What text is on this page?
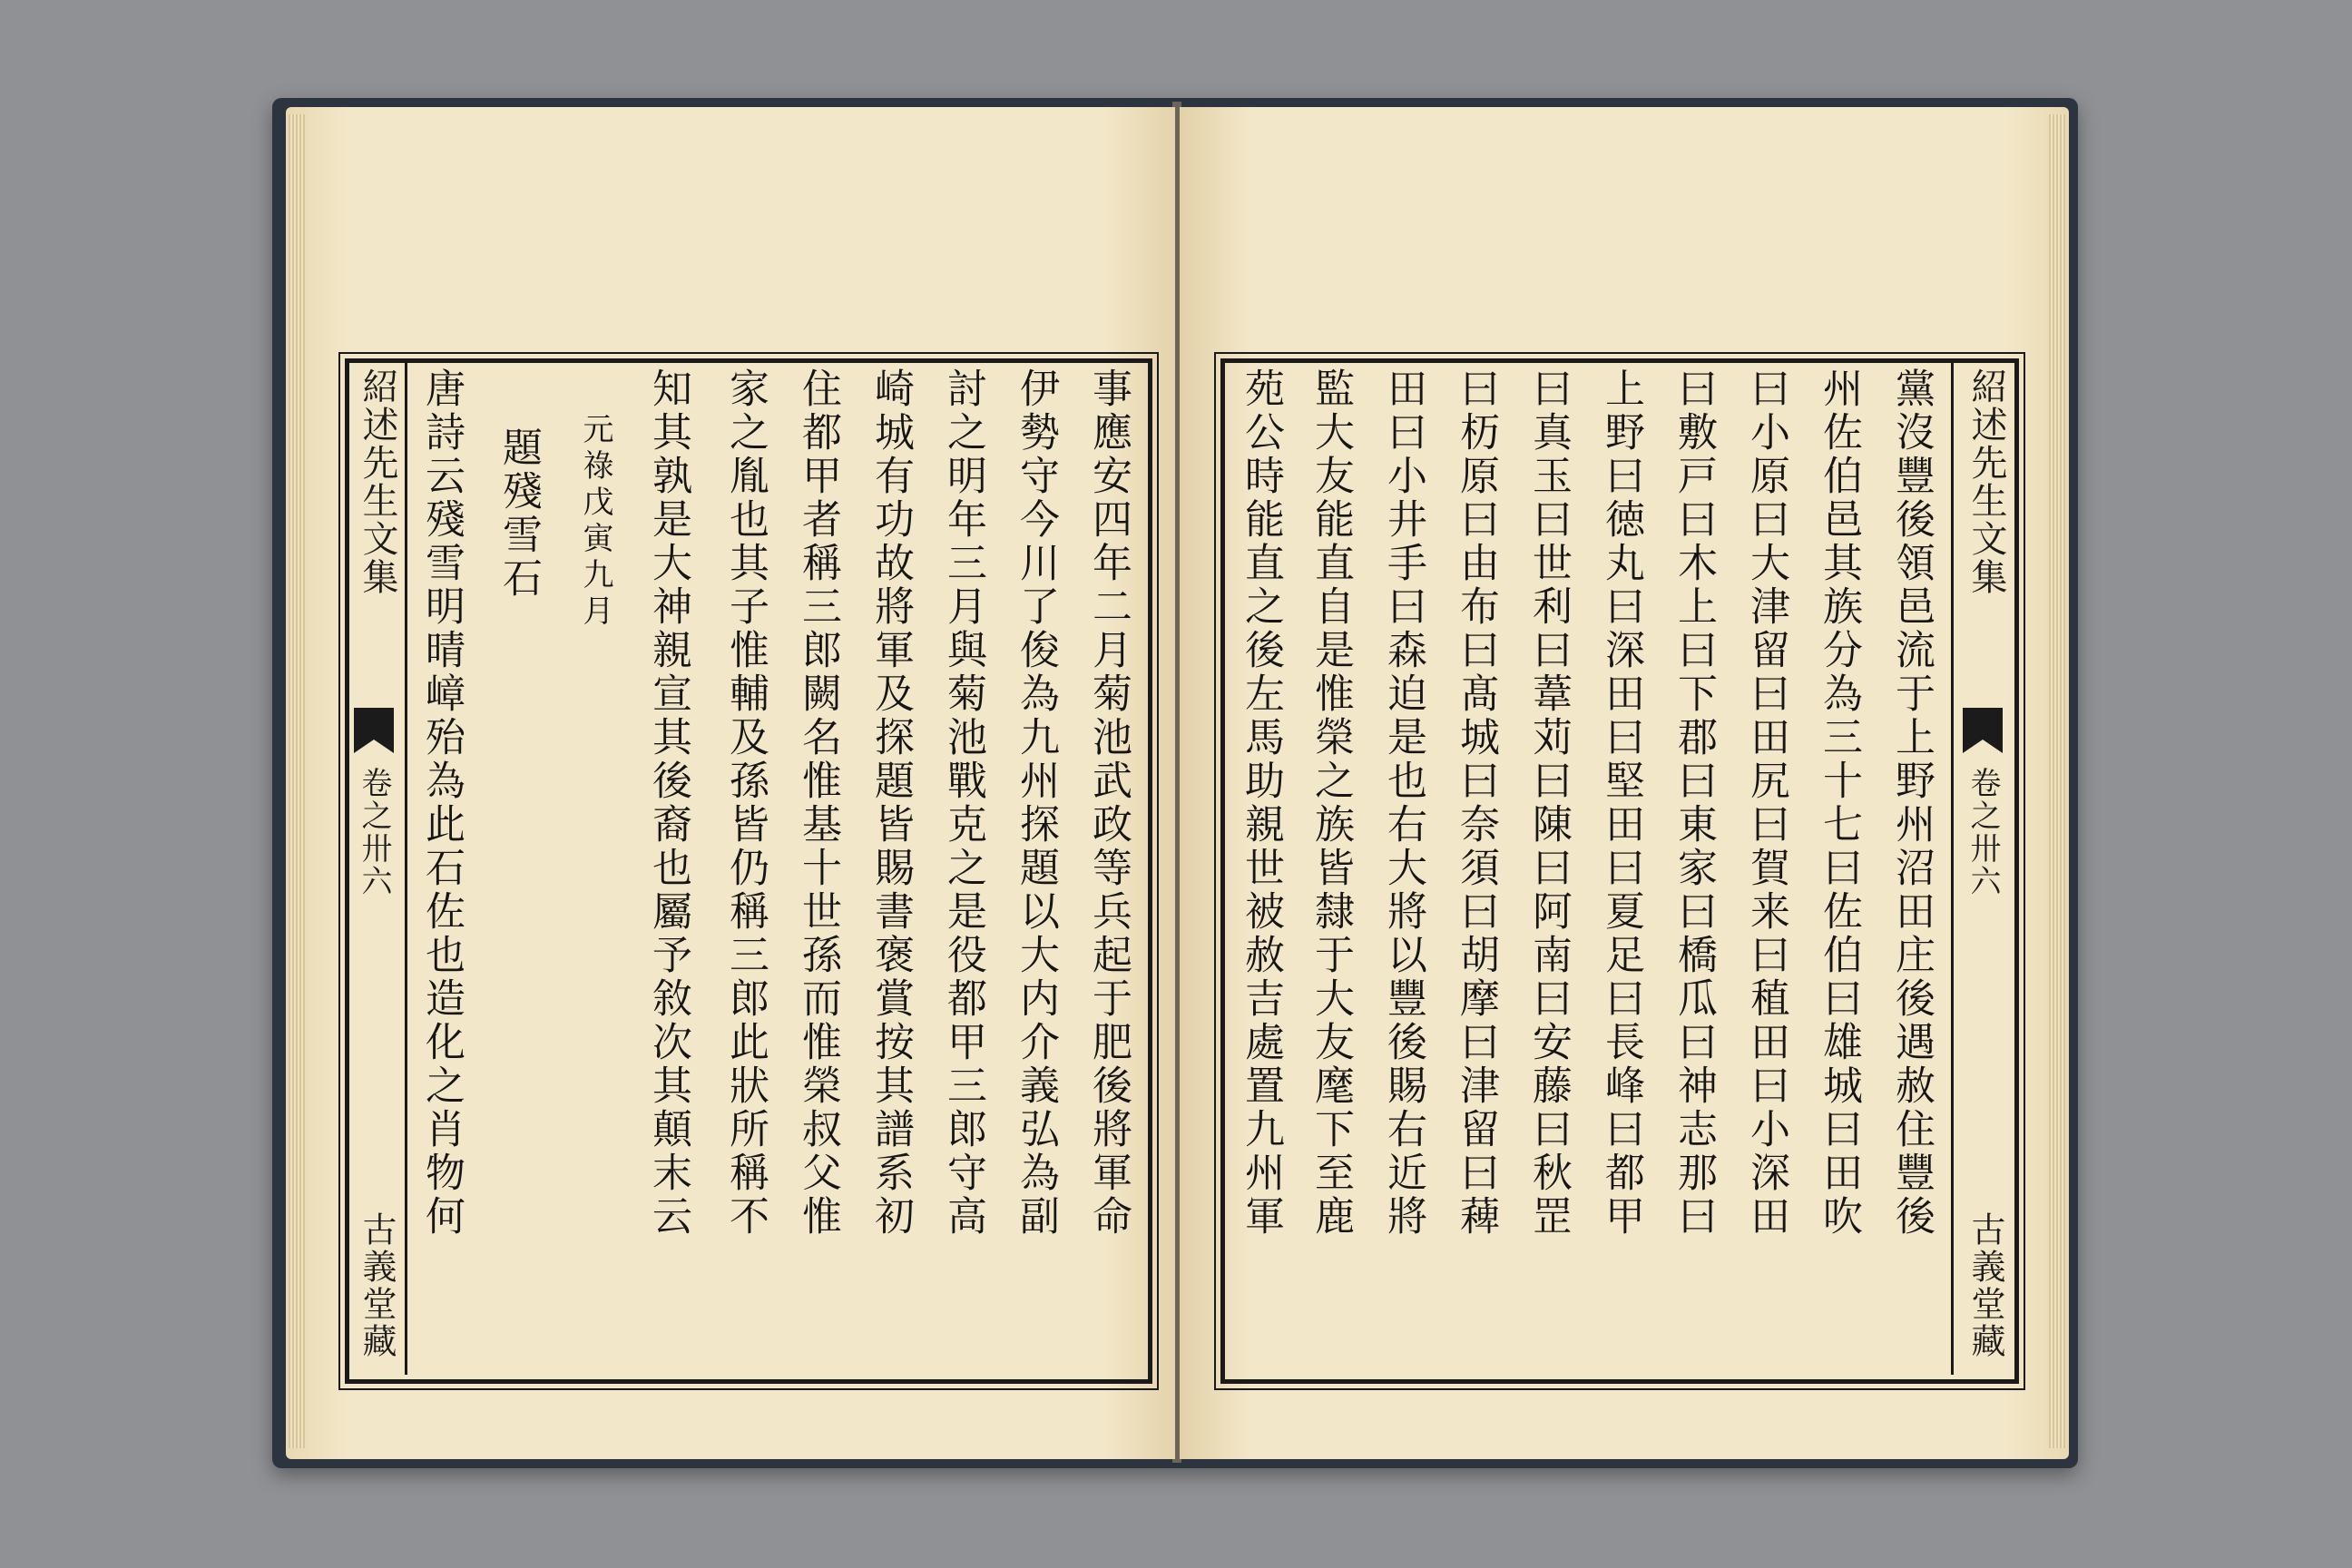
紹述先生文集
卷之卅六
古義堂藏
事應安四年二月菊池武政等兵起于肥後將軍命
伊勢守今川了俊為九州探題以大内介義弘為副
討之明年三月與菊池戰克之是役都甲三郎守高
崎城有功故將軍及探題皆賜書褒賞按其譜系初
住都甲者稱三郎闕名惟基十世孫而惟榮叔父惟
家之胤也其子惟輔及孫皆仍稱三郎此狀所稱不
知其孰是大神親宣其後裔也屬予敘次其顛末云
元祿戊寅九月
題殘雪石
唐詩云殘雪明晴嶂殆為此石佐也造化之肖物何	紹述先生文集
卷之卅六
古義堂藏
黨沒豐後領邑流于上野州沼田庄後遇赦住豐後
州佐伯邑其族分為三十七曰佐伯曰雄城曰田吹
曰小原曰大津留曰田尻曰賀来曰稙田曰小深田
曰敷戸曰木上曰下郡曰東家曰橋瓜曰神志那曰
上野曰徳丸曰深田曰堅田曰夏足曰長峰曰都甲
曰真玉曰世利曰葦苅曰陳曰阿南曰安藤曰秋罡
曰杤原曰由布曰髙城曰奈須曰胡摩曰津留曰薭
田曰小井手曰森迫是也右大將以豐後賜右近將
監大友能直自是惟榮之族皆隸于大友麾下至鹿
苑公時能直之後左馬助親世被赦吉處置九州軍
